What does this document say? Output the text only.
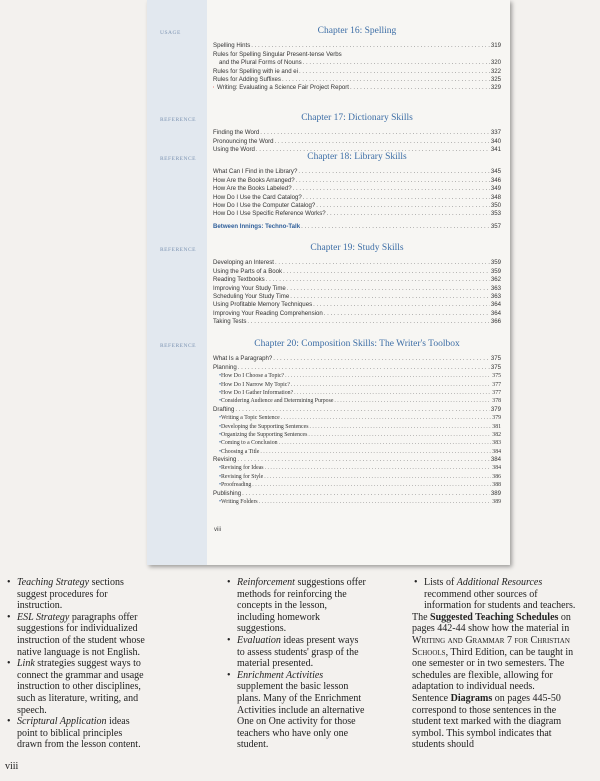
USAGE	Chapter 16: Spelling
Spelling Hints . . .	319
Rules for Spelling Singular Present-tense Verbs
and the Plural Forms of Nouns . . .	320
Rules for Spelling with ie and ei . . .	322
Rules for Adding Suffixes . . .	325
Writing: Evaluating a Science Fair Project Report . . .	329
REFERENCE	Chapter 17: Dictionary Skills
Finding the Word . . .	337
Pronouncing the Word . . .	340
Using the Word . . .	341
REFERENCE	Chapter 18: Library Skills
What Can I Find in the Library? . . .	345
How Are the Books Arranged? . . .	346
How Are the Books Labeled? . . .	349
How Do I Use the Card Catalog? . . .	348
How Do I Use the Computer Catalog? . . .	350
How Do I Use Specific Reference Works? . . .	353
Between Innings: Techno-Talk . . .	357
REFERENCE	Chapter 19: Study Skills
Developing an Interest . . .	359
Using the Parts of a Book . . .	359
Reading Textbooks . . .	362
Improving Your Study Time . . .	363
Scheduling Your Study Time . . .	363
Using Profitable Memory Techniques . . .	364
Improving Your Reading Comprehension . . .	364
Taking Tests . . .	366
REFERENCE	Chapter 20: Composition Skills: The Writer's Toolbox
What Is a Paragraph? . . .	375
Planning . . .	375
• How Do I Choose a Topic? . . .	375
• How Do I Narrow My Topic? . . .	377
• How Do I Gather Information? . . .	377
• Considering Audience and Determining Purpose . . .	378
Drafting . . .	379
• Writing a Topic Sentence . . .	379
• Developing the Supporting Sentences . . .	381
• Organizing the Supporting Sentences . . .	382
• Coming to a Conclusion . . .	383
• Choosing a Title . . .	384
Revising . . .	384
• Revising for Ideas . . .	384
• Revising for Style . . .	386
• Proofreading . . .	388
Publishing . . .	389
• Writing Folders . . .	389
viii
• Teaching Strategy sections suggest procedures for instruction.
• ESL Strategy paragraphs offer suggestions for individualized instruction of the student whose native language is not English.
• Link strategies suggest ways to connect the grammar and usage instruction to other disciplines, such as literature, writing, and speech.
• Scriptural Application ideas point to biblical principles drawn from the lesson content.
• Reinforcement suggestions offer methods for reinforcing the concepts in the lesson, including homework suggestions.
• Evaluation ideas present ways to assess students' grasp of the material presented.
• Enrichment Activities supplement the basic lesson plans. Many of the Enrichment Activities include an alternative One on One activity for those teachers who have only one student.
• Lists of Additional Resources recommend other sources of information for students and teachers.

The Suggested Teaching Schedules on pages 442-44 show how the material in Writing and Grammar 7 for Christian Schools, Third Edition, can be taught in one semester or in two semesters. The schedules are flexible, allowing for adaptation to individual needs.

Sentence Diagrams on pages 445-50 correspond to those sentences in the student text marked with the diagram symbol. This symbol indicates that students should

viii
